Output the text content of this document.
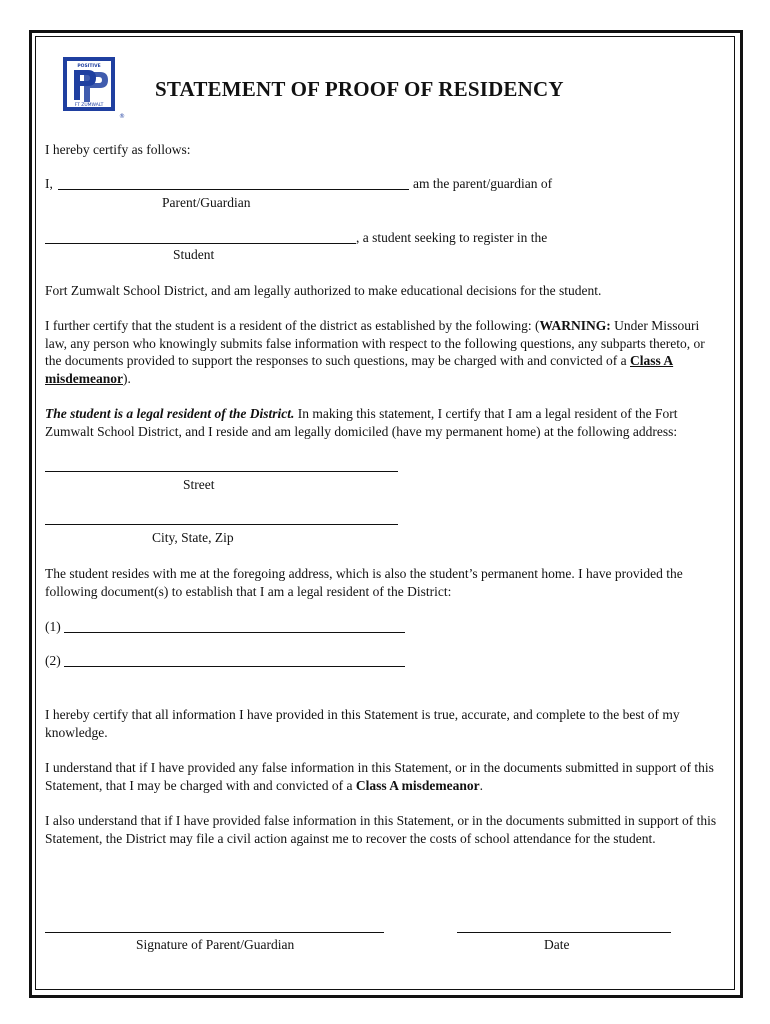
POSITIVE
FT ZUMWALT
®
STATEMENT OF PROOF OF RESIDENCY
I hereby certify as follows:
I,	am the parent/guardian of
Parent/Guardian
, a student seeking to register in the
Student
Fort Zumwalt School District, and am legally authorized to make educational decisions for the student.
I further certify that the student is a resident of the district as established by the following: (WARNING: Under Missouri law, any person who knowingly submits false information with respect to the following questions, any subparts thereto, or the documents provided to support the responses to such questions, may be charged with and convicted of a Class A misdemeanor).
The student is a legal resident of the District. In making this statement, I certify that I am a legal resident of the Fort Zumwalt School District, and I reside and am legally domiciled (have my permanent home) at the following address:
Street
City, State, Zip
The student resides with me at the foregoing address, which is also the student’s permanent home. I have provided the following document(s) to establish that I am a legal resident of the District:
(1)
(2)
I hereby certify that all information I have provided in this Statement is true, accurate, and complete to the best of my knowledge.
I understand that if I have provided any false information in this Statement, or in the documents submitted in support of this Statement, that I may be charged with and convicted of a Class A misdemeanor.
I also understand that if I have provided false information in this Statement, or in the documents submitted in support of this Statement, the District may file a civil action against me to recover the costs of school attendance for the student.
Signature of Parent/Guardian	Date
